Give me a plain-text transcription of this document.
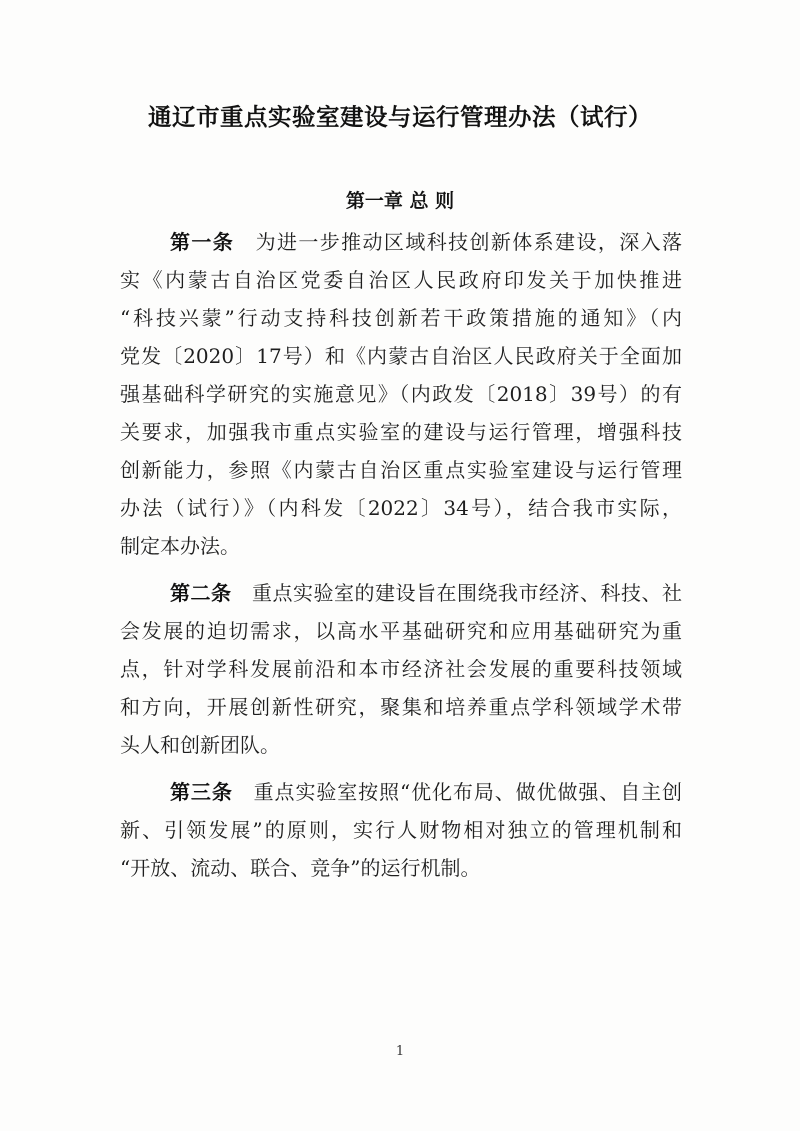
通辽市重点实验室建设与运行管理办法（试行）
第一章 总 则

第一条  为进一步推动区域科技创新体系建设，深入落

实《内蒙古自治区党委自治区人民政府印发关于加快推进

“科技兴蒙”行动支持科技创新若干政策措施的通知》（内

党发〔2020〕17号）和《内蒙古自治区人民政府关于全面加

强基础科学研究的实施意见》（内政发〔2018〕39号）的有

关要求，加强我市重点实验室的建设与运行管理，增强科技

创新能力，参照《内蒙古自治区重点实验室建设与运行管理

办法（试行）》（内科发〔2022〕34号），结合我市实际，

制定本办法。

第二条  重点实验室的建设旨在围绕我市经济、科技、社

会发展的迫切需求，以高水平基础研究和应用基础研究为重

点，针对学科发展前沿和本市经济社会发展的重要科技领域

和方向，开展创新性研究，聚集和培养重点学科领域学术带

头人和创新团队。

第三条  重点实验室按照“优化布局、做优做强、自主创

新、引领发展”的原则，实行人财物相对独立的管理机制和

“开放、流动、联合、竞争”的运行机制。

1
